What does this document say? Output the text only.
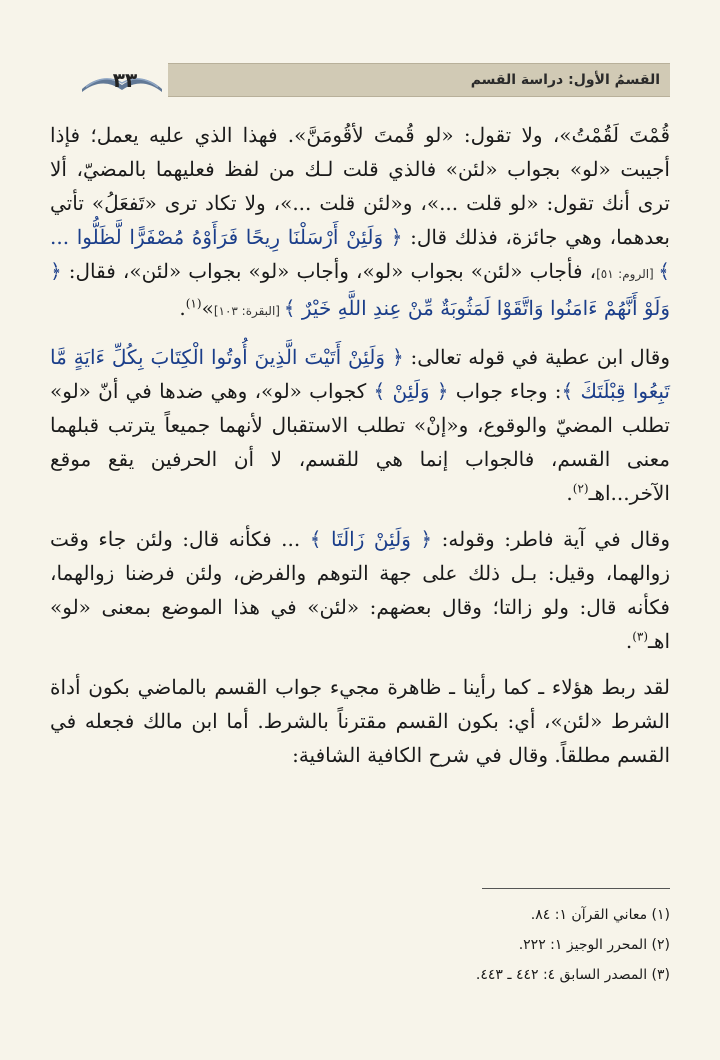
٣٣	القسمُ الأول: دراسة القسم

قُمْتَ لَقُمْتُ»، ولا تقول: «لو قُمتَ لأقُومَنَّ». فهذا الذي عليه يعمل؛ فإذا أجيبت «لو» بجواب «لئن» فالذي قلت لـك من لفظ فعليهما بالمضيّ، ألا ترى أنك تقول: «لو قلت ...»، و«لئن قلت ...»، ولا تكاد ترى «تَفعَلُ» تأتي بعدهما، وهي جائزة، فذلك قال: ﴿ وَلَئِنْ أَرْسَلْنَا رِيحًا فَرَأَوْهُ مُصْفَرًّا لَّظَلُّوا ... ﴾ [الروم: ٥١]، فأجاب «لئن» بجواب «لو»، وأجاب «لو» بجواب «لئن»، فقال: ﴿ وَلَوْ أَنَّهُمْ ءَامَنُوا وَاتَّقَوْا لَمَثُوبَةٌ مِّنْ عِندِ اللَّهِ خَيْرٌ ﴾ [البقرة: ١٠٣]»$^{(١)}$.

وقال ابن عطية في قوله تعالى: ﴿ وَلَئِنْ أَتَيْتَ الَّذِينَ أُوتُوا الْكِتَابَ بِكُلِّ ءَايَةٍ مَّا تَبِعُوا قِبْلَتَكَ ﴾: وجاء جواب ﴿ وَلَئِنْ ﴾ كجواب «لو»، وهي ضدها في أنّ «لو» تطلب المضيّ والوقوع، و«إنْ» تطلب الاستقبال لأنهما جميعاً يترتب قبلهما معنى القسم، فالجواب إنما هي للقسم، لا أن الحرفين يقع موقع الآخر...اهـ$^{(٢)}$.

وقال في آية فاطر: وقوله: ﴿ وَلَئِنْ زَالَتَا ﴾ ... فكأنه قال: ولئن جاء وقت زوالهما، وقيل: بـل ذلك على جهة التوهم والفرض، ولئن فرضنا زوالهما، فكأنه قال: ولو زالتا؛ وقال بعضهم: «لئن» في هذا الموضع بمعنى «لو» اهـ$^{(٣)}$.

لقد ربط هؤلاء ـ كما رأينا ـ ظاهرة مجيء جواب القسم بالماضي بكون أداة الشرط «لئن»، أي: بكون القسم مقترناً بالشرط. أما ابن مالك فجعله في القسم مطلقاً. وقال في شرح الكافية الشافية:

(١) معاني القرآن ١: ٨٤.
(٢) المحرر الوجيز ١: ٢٢٢.
(٣) المصدر السابق ٤: ٤٤٢ ـ ٤٤٣.
